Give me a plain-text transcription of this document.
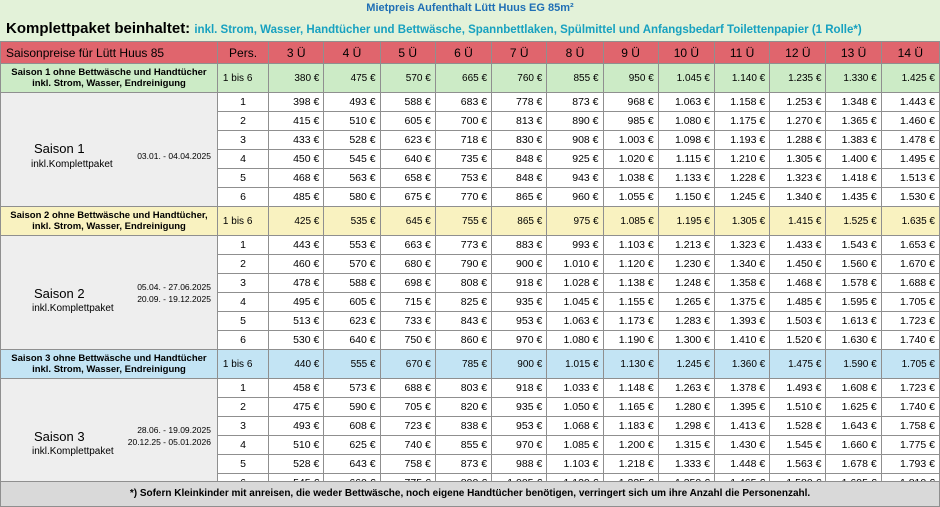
Mietpreis Aufenthalt Lütt Huus EG 85m²
Komplettpaket beinhaltet: inkl. Strom, Wasser, Handtücher und Bettwäsche, Spannbettlaken, Spülmittel und Anfangsbedarf Toilettenpapier (1 Rolle*)
Saisonpreise für Lütt Huus 85	Pers.	3 Ü	4 Ü	5 Ü	6 Ü	7 Ü	8 Ü	9 Ü	10 Ü	11 Ü	12 Ü	13 Ü	14 Ü
Saison 1 ohne Bettwäsche und Handtücher
inkl. Strom, Wasser, Endreinigung	1 bis 6	380 €	475 €	570 €	665 €	760 €	855 €	950 €	1.045 €	1.140 €	1.235 €	1.330 €	1.425 €

Saison 1
inkl.Komplettpaket
03.01. - 04.04.2025	1	398 €	493 €	588 €	683 €	778 €	873 €	968 €	1.063 €	1.158 €	1.253 €	1.348 €	1.443 €
	2	415 €	510 €	605 €	700 €	813 €	890 €	985 €	1.080 €	1.175 €	1.270 €	1.365 €	1.460 €
	3	433 €	528 €	623 €	718 €	830 €	908 €	1.003 €	1.098 €	1.193 €	1.288 €	1.383 €	1.478 €
	4	450 €	545 €	640 €	735 €	848 €	925 €	1.020 €	1.115 €	1.210 €	1.305 €	1.400 €	1.495 €
	5	468 €	563 €	658 €	753 €	848 €	943 €	1.038 €	1.133 €	1.228 €	1.323 €	1.418 €	1.513 €
	6	485 €	580 €	675 €	770 €	865 €	960 €	1.055 €	1.150 €	1.245 €	1.340 €	1.435 €	1.530 €
Saison 2 ohne Bettwäsche und Handtücher,
inkl. Strom, Wasser, Endreinigung	1 bis 6	425 €	535 €	645 €	755 €	865 €	975 €	1.085 €	1.195 €	1.305 €	1.415 €	1.525 €	1.635 €

Saison 2
inkl.Komplettpaket
05.04. - 27.06.2025
20.09. - 19.12.2025	1	443 €	553 €	663 €	773 €	883 €	993 €	1.103 €	1.213 €	1.323 €	1.433 €	1.543 €	1.653 €
	2	460 €	570 €	680 €	790 €	900 €	1.010 €	1.120 €	1.230 €	1.340 €	1.450 €	1.560 €	1.670 €
	3	478 €	588 €	698 €	808 €	918 €	1.028 €	1.138 €	1.248 €	1.358 €	1.468 €	1.578 €	1.688 €
	4	495 €	605 €	715 €	825 €	935 €	1.045 €	1.155 €	1.265 €	1.375 €	1.485 €	1.595 €	1.705 €
	5	513 €	623 €	733 €	843 €	953 €	1.063 €	1.173 €	1.283 €	1.393 €	1.503 €	1.613 €	1.723 €
	6	530 €	640 €	750 €	860 €	970 €	1.080 €	1.190 €	1.300 €	1.410 €	1.520 €	1.630 €	1.740 €
Saison 3 ohne Bettwäsche und Handtücher
inkl. Strom, Wasser, Endreinigung	1 bis 6	440 €	555 €	670 €	785 €	900 €	1.015 €	1.130 €	1.245 €	1.360 €	1.475 €	1.590 €	1.705 €

Saison 3
inkl.Komplettpaket
28.06. - 19.09.2025
20.12.25 - 05.01.2026	1	458 €	573 €	688 €	803 €	918 €	1.033 €	1.148 €	1.263 €	1.378 €	1.493 €	1.608 €	1.723 €
	2	475 €	590 €	705 €	820 €	935 €	1.050 €	1.165 €	1.280 €	1.395 €	1.510 €	1.625 €	1.740 €
	3	493 €	608 €	723 €	838 €	953 €	1.068 €	1.183 €	1.298 €	1.413 €	1.528 €	1.643 €	1.758 €
	4	510 €	625 €	740 €	855 €	970 €	1.085 €	1.200 €	1.315 €	1.430 €	1.545 €	1.660 €	1.775 €
	5	528 €	643 €	758 €	873 €	988 €	1.103 €	1.218 €	1.333 €	1.448 €	1.563 €	1.678 €	1.793 €

*) Sofern Kleinkinder mit anreisen, die weder Bettwäsche, noch eigene Handtücher benötigen, verringert sich um ihre Anzahl die Personenzahl.
